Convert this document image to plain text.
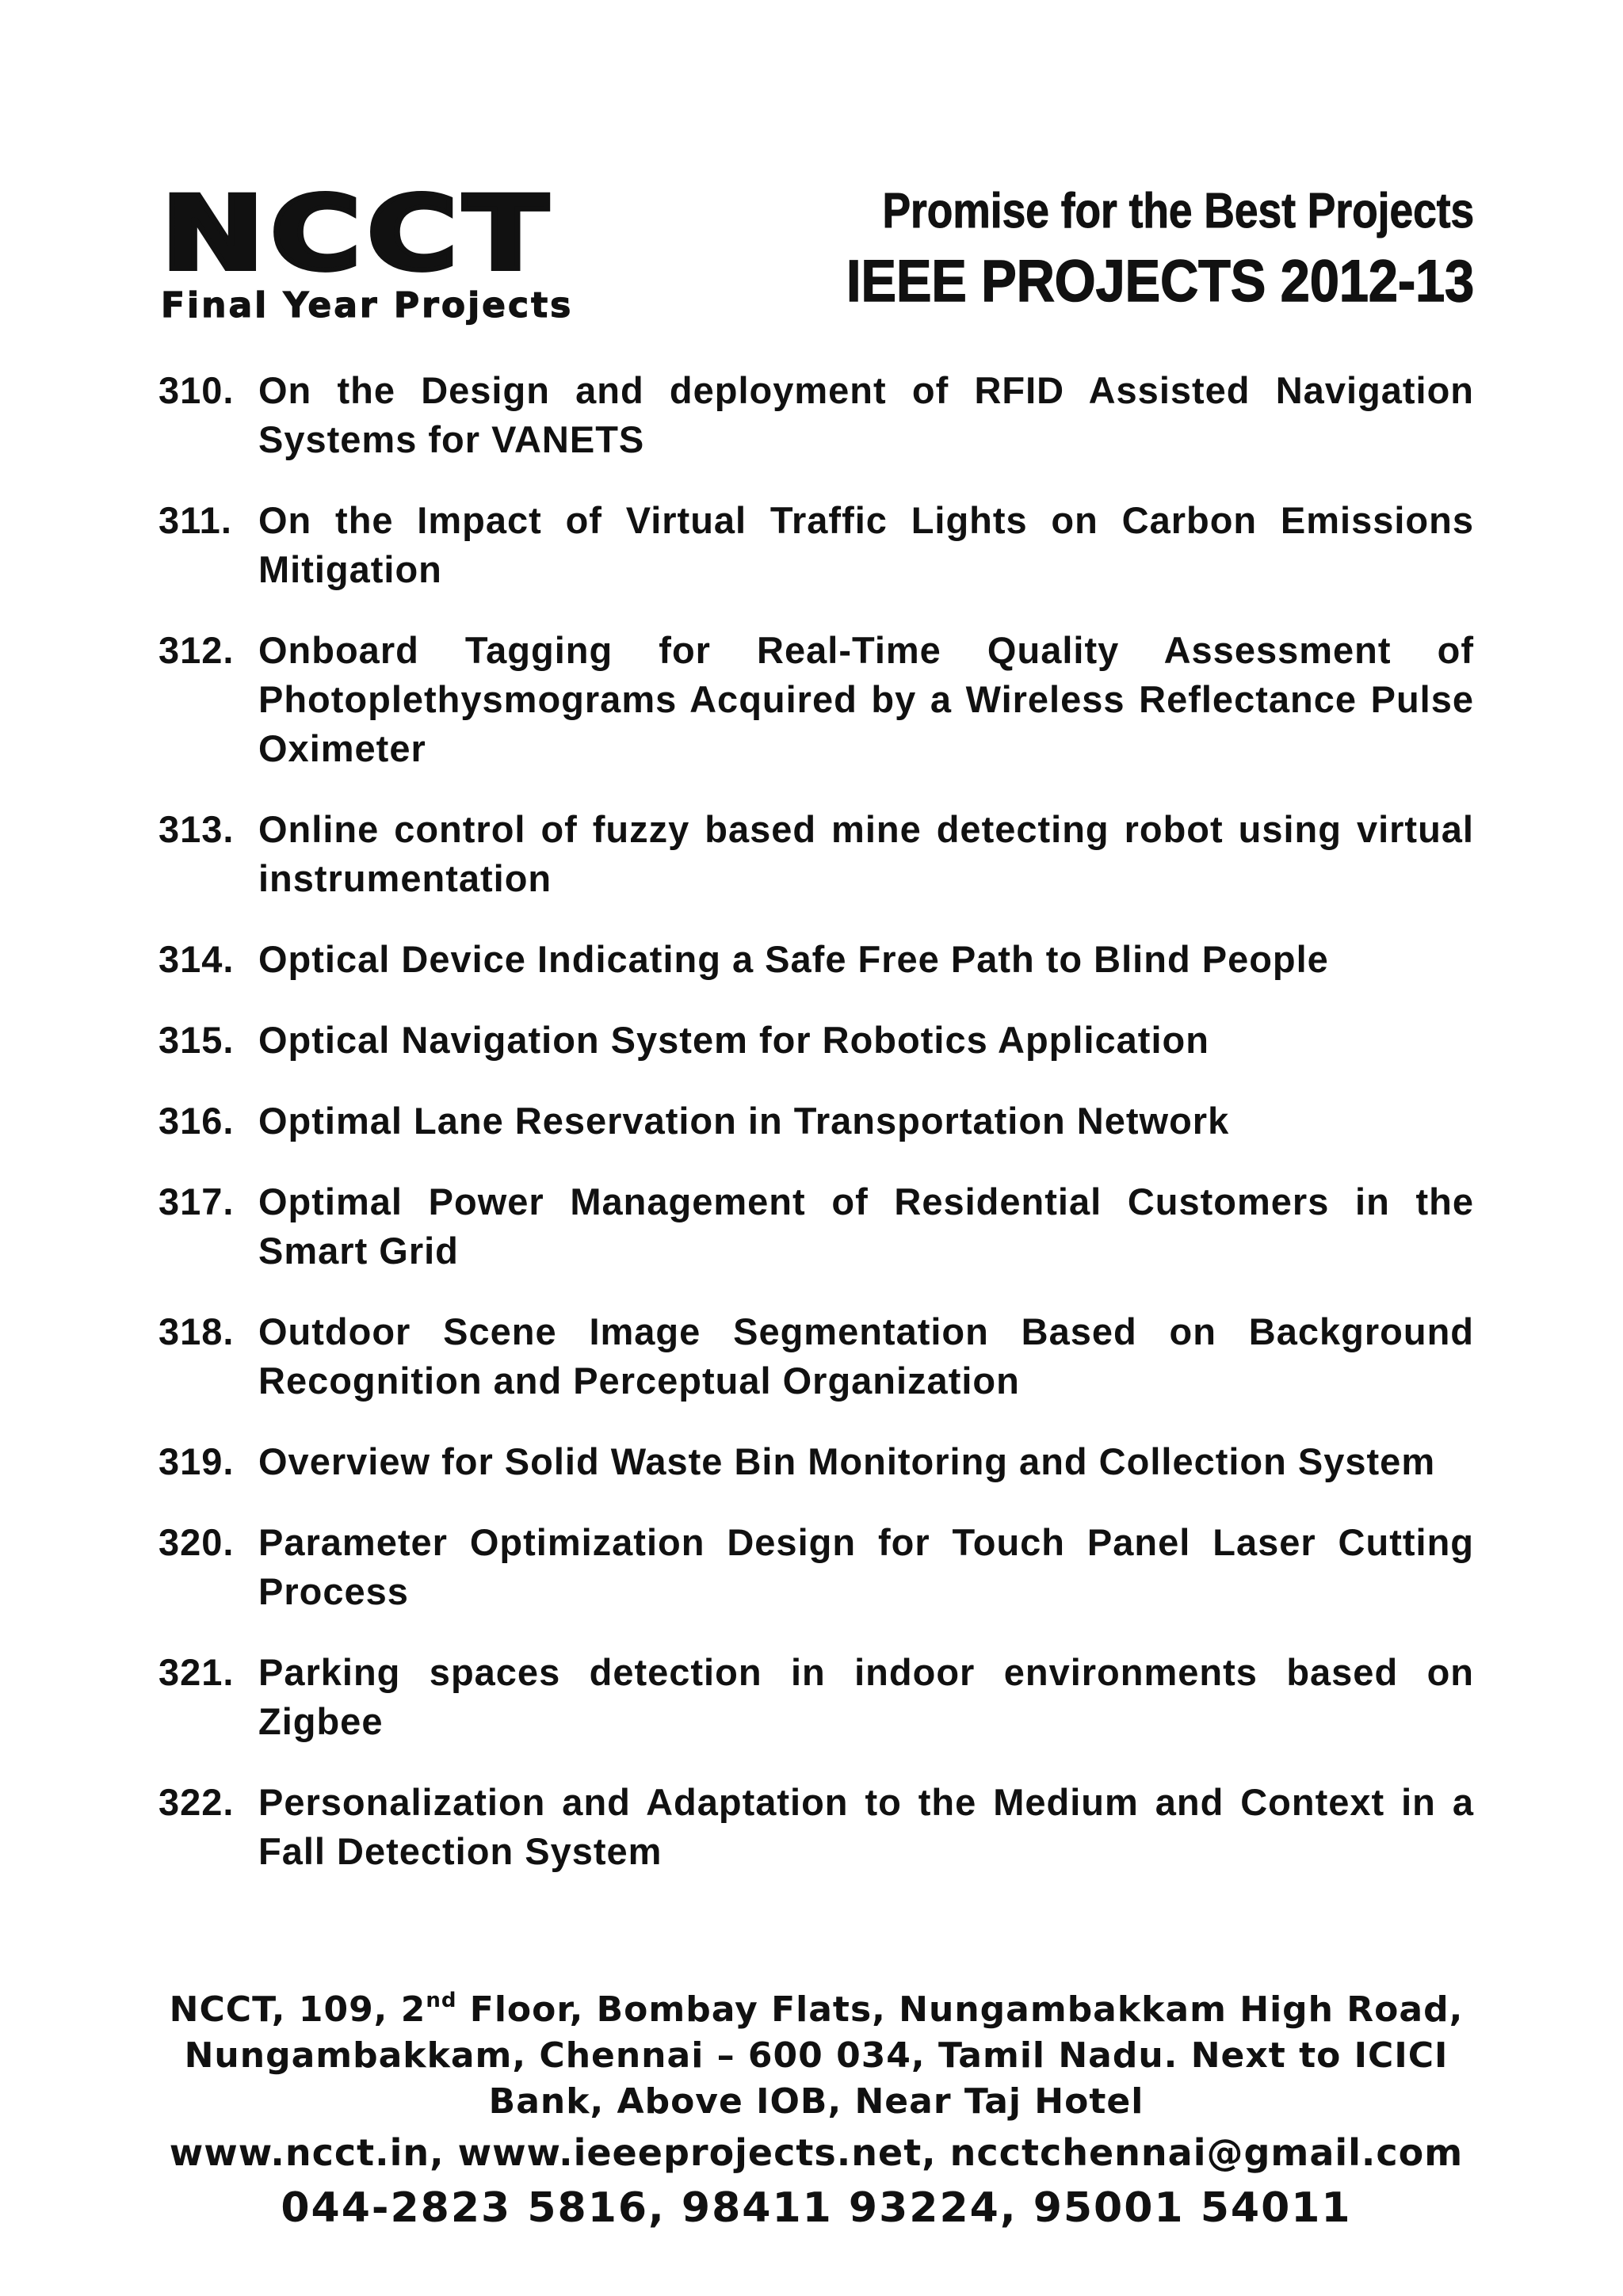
NCCT
Final Year Projects
Promise for the Best Projects
IEEE PROJECTS 2012-13
310. On the Design and deployment of RFID Assisted Navigation Systems for VANETS
311. On the Impact of Virtual Traffic Lights on Carbon Emissions Mitigation
312. Onboard Tagging for Real-Time Quality Assessment of Photoplethysmograms Acquired by a Wireless Reflectance Pulse Oximeter
313. Online control of fuzzy based mine detecting robot using virtual instrumentation
314. Optical Device Indicating a Safe Free Path to Blind People
315. Optical Navigation System for Robotics Application
316. Optimal Lane Reservation in Transportation Network
317. Optimal Power Management of Residential Customers in the Smart Grid
318. Outdoor Scene Image Segmentation Based on Background Recognition and Perceptual Organization
319. Overview for Solid Waste Bin Monitoring and Collection System
320. Parameter Optimization Design for Touch Panel Laser Cutting Process
321. Parking spaces detection in indoor environments based on Zigbee
322. Personalization and Adaptation to the Medium and Context in a Fall Detection System
NCCT, 109, 2nd Floor, Bombay Flats, Nungambakkam High Road, Nungambakkam, Chennai – 600 034, Tamil Nadu. Next to ICICI Bank, Above IOB, Near Taj Hotel
www.ncct.in, www.ieeeprojects.net, ncctchennai@gmail.com
044-2823 5816, 98411 93224, 95001 54011
